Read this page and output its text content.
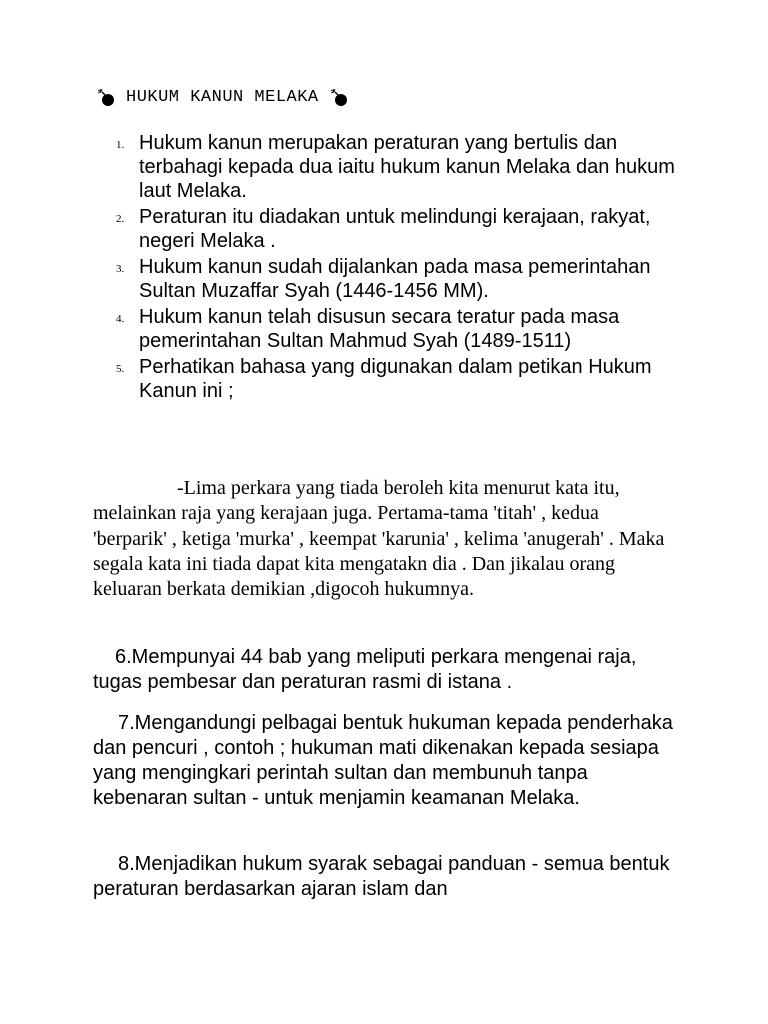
HUKUM KANUN MELAKA
1. Hukum kanun merupakan peraturan yang bertulis dan terbahagi kepada dua iaitu hukum kanun Melaka dan hukum laut Melaka.
2. Peraturan itu diadakan untuk melindungi kerajaan, rakyat, negeri Melaka .
3. Hukum kanun sudah dijalankan pada masa pemerintahan Sultan Muzaffar Syah (1446-1456 MM).
4. Hukum kanun telah disusun secara teratur pada masa pemerintahan Sultan Mahmud Syah (1489-1511)
5. Perhatikan bahasa yang digunakan dalam petikan Hukum Kanun ini ;

-Lima perkara yang tiada beroleh kita menurut kata itu, melainkan raja yang kerajaan juga. Pertama-tama 'titah' , kedua 'berparik' , ketiga 'murka' , keempat 'karunia' , kelima 'anugerah' . Maka segala kata ini tiada dapat kita mengatakn dia . Dan jikalau orang keluaran berkata demikian ,digocoh hukumnya.

6.Mempunyai 44 bab yang meliputi perkara mengenai raja, tugas pembesar dan peraturan rasmi di istana .

7.Mengandungi pelbagai bentuk hukuman kepada penderhaka dan pencuri , contoh ; hukuman mati dikenakan kepada sesiapa yang mengingkari perintah sultan dan membunuh tanpa kebenaran sultan - untuk menjamin keamanan Melaka.

8.Menjadikan hukum syarak sebagai panduan - semua bentuk peraturan berdasarkan ajaran islam dan
